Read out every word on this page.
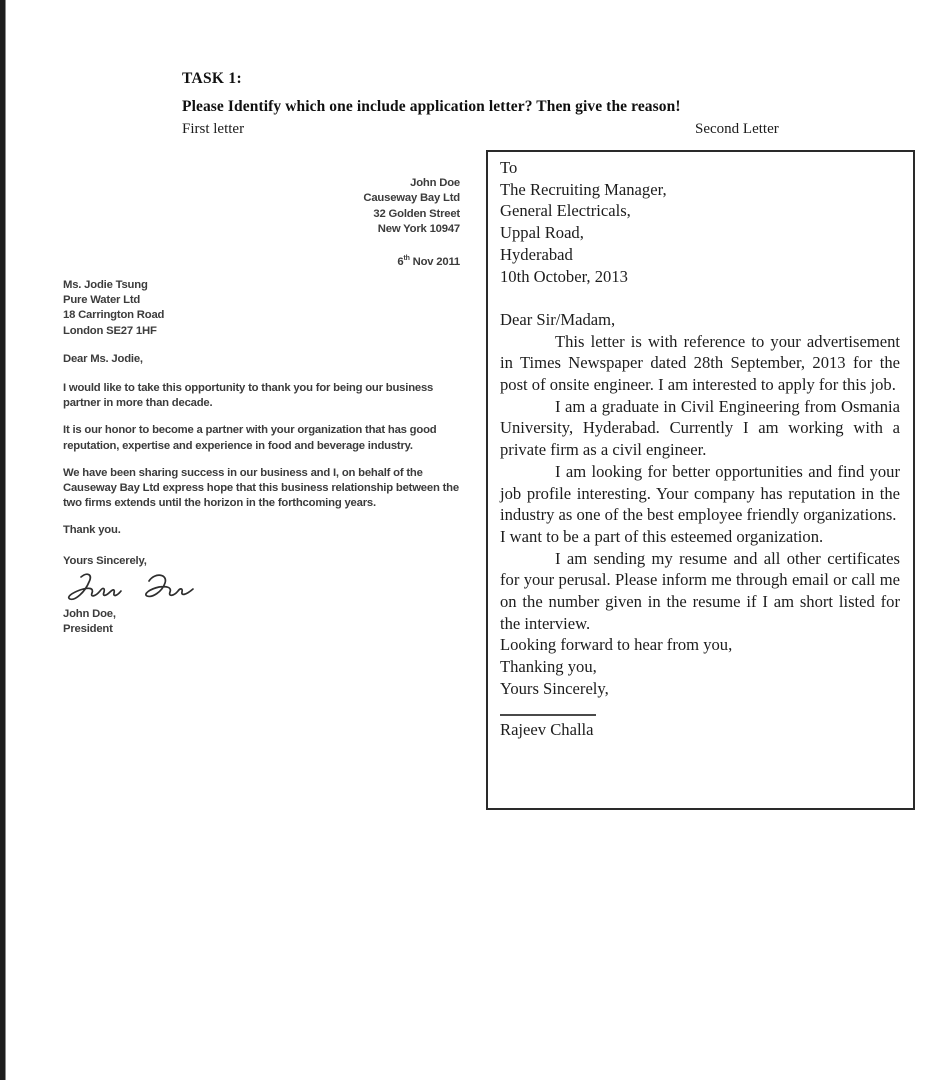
TASK 1:
Please Identify which one include application letter? Then give the reason!
First letter	Second Letter
John Doe
Causeway Bay Ltd
32 Golden Street
New York 10947
6th Nov 2011
Ms. Jodie Tsung
Pure Water Ltd
18 Carrington Road
London SE27 1HF
Dear Ms. Jodie,

I would like to take this opportunity to thank you for being our business partner in more than decade.

It is our honor to become a partner with your organization that has good reputation, expertise and experience in food and beverage industry.

We have been sharing success in our business and I, on behalf of the Causeway Bay Ltd express hope that this business relationship between the two firms extends until the horizon in the forthcoming years.

Thank you.
Yours Sincerely,
John Doe,
President
To
The Recruiting Manager,
General Electricals,
Uppal Road,
Hyderabad
10th October, 2013
Dear Sir/Madam,

This letter is with reference to your advertisement in Times Newspaper dated 28th September, 2013 for the post of onsite engineer. I am interested to apply for this job.

I am a graduate in Civil Engineering from Osmania University, Hyderabad. Currently I am working with a private firm as a civil engineer.

I am looking for better opportunities and find your job profile interesting. Your company has reputation in the industry as one of the best employee friendly organizations.

I want to be a part of this esteemed organization.

I am sending my resume and all other certificates for your perusal. Please inform me through email or call me on the number given in the resume if I am short listed for the interview.

Looking forward to hear from you,
Thanking you,
Yours Sincerely,
Rajeev Challa
